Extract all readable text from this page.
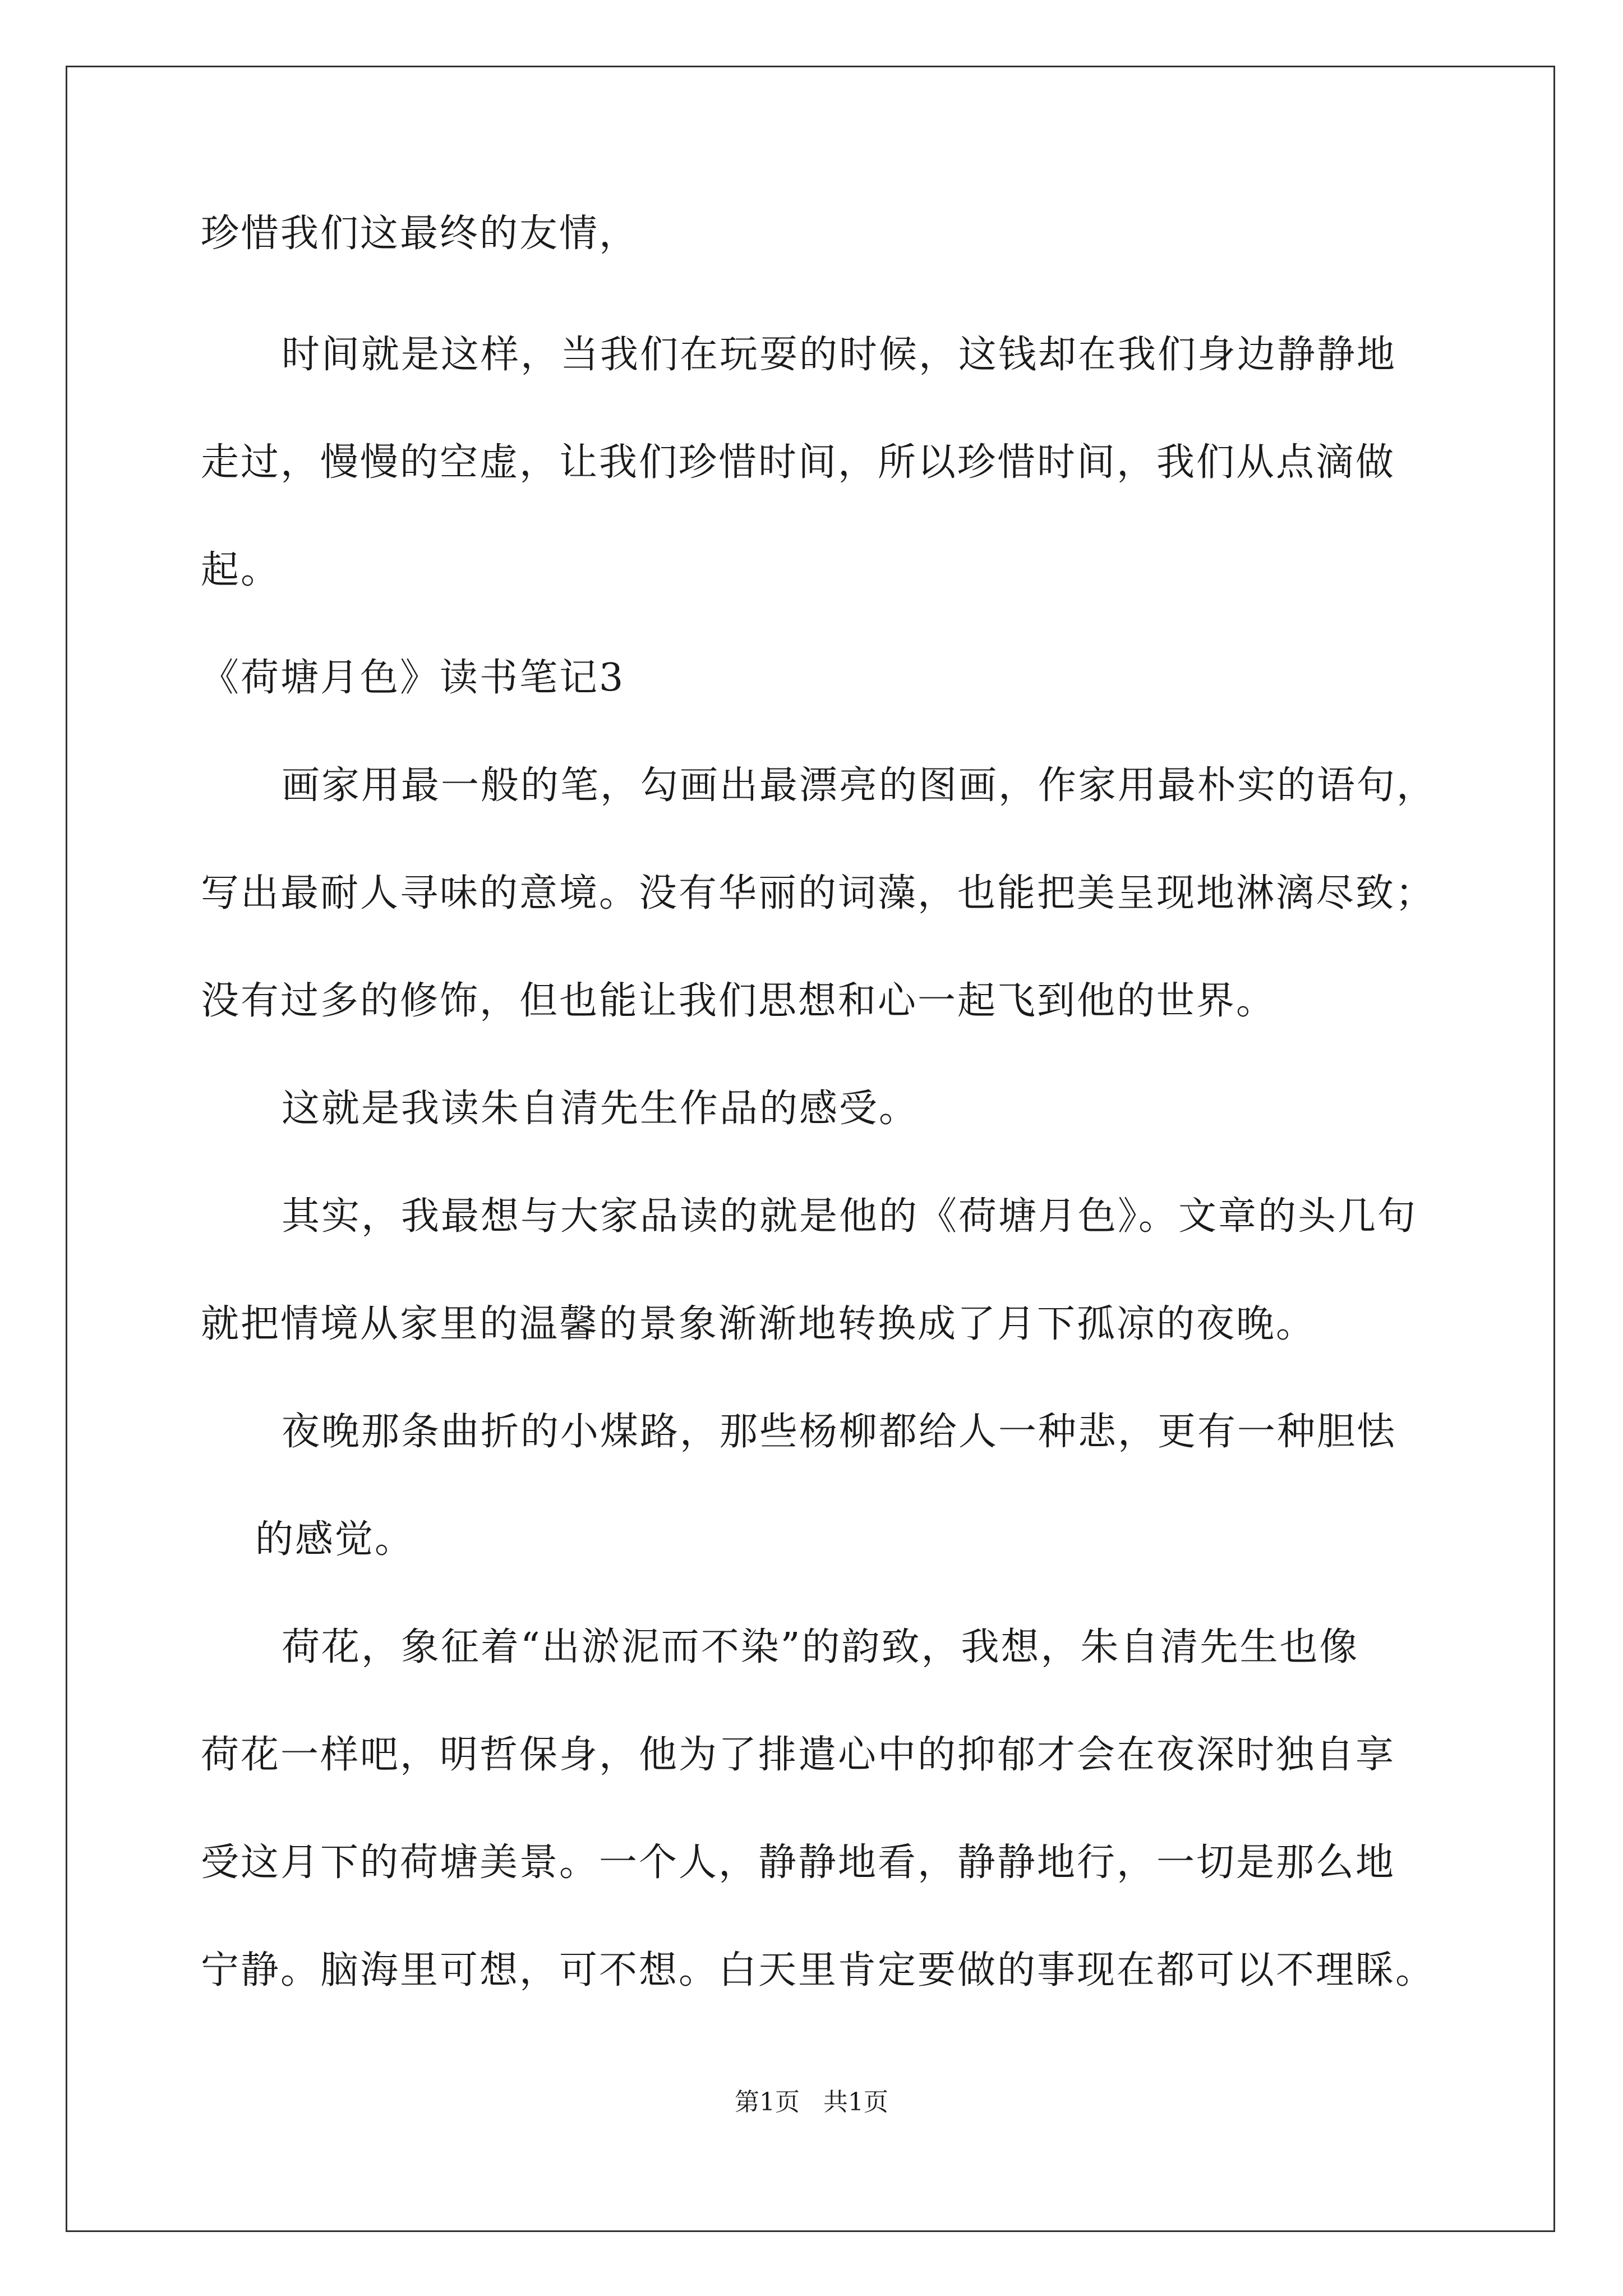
珍惜我们这最终的友情，
时间就是这样，当我们在玩耍的时候，这钱却在我们身边静静地
走过，慢慢的空虚，让我们珍惜时间，所以珍惜时间，我们从点滴做
起。
《荷塘月色》读书笔记3
画家用最一般的笔，勾画出最漂亮的图画，作家用最朴实的语句，
写出最耐人寻味的意境。没有华丽的词藻，也能把美呈现地淋漓尽致；
没有过多的修饰，但也能让我们思想和心一起飞到他的世界。
这就是我读朱自清先生作品的感受。
其实，我最想与大家品读的就是他的《荷塘月色》。文章的头几句
就把情境从家里的温馨的景象渐渐地转换成了月下孤凉的夜晚。
夜晚那条曲折的小煤路，那些杨柳都给人一种悲，更有一种胆怯
的感觉。
荷花，象征着“出淤泥而不染”的韵致，我想，朱自清先生也像
荷花一样吧，明哲保身，他为了排遣心中的抑郁才会在夜深时独自享
受这月下的荷塘美景。一个人，静静地看，静静地行，一切是那么地
宁静。脑海里可想，可不想。白天里肯定要做的事现在都可以不理睬。
第1页   共1页
